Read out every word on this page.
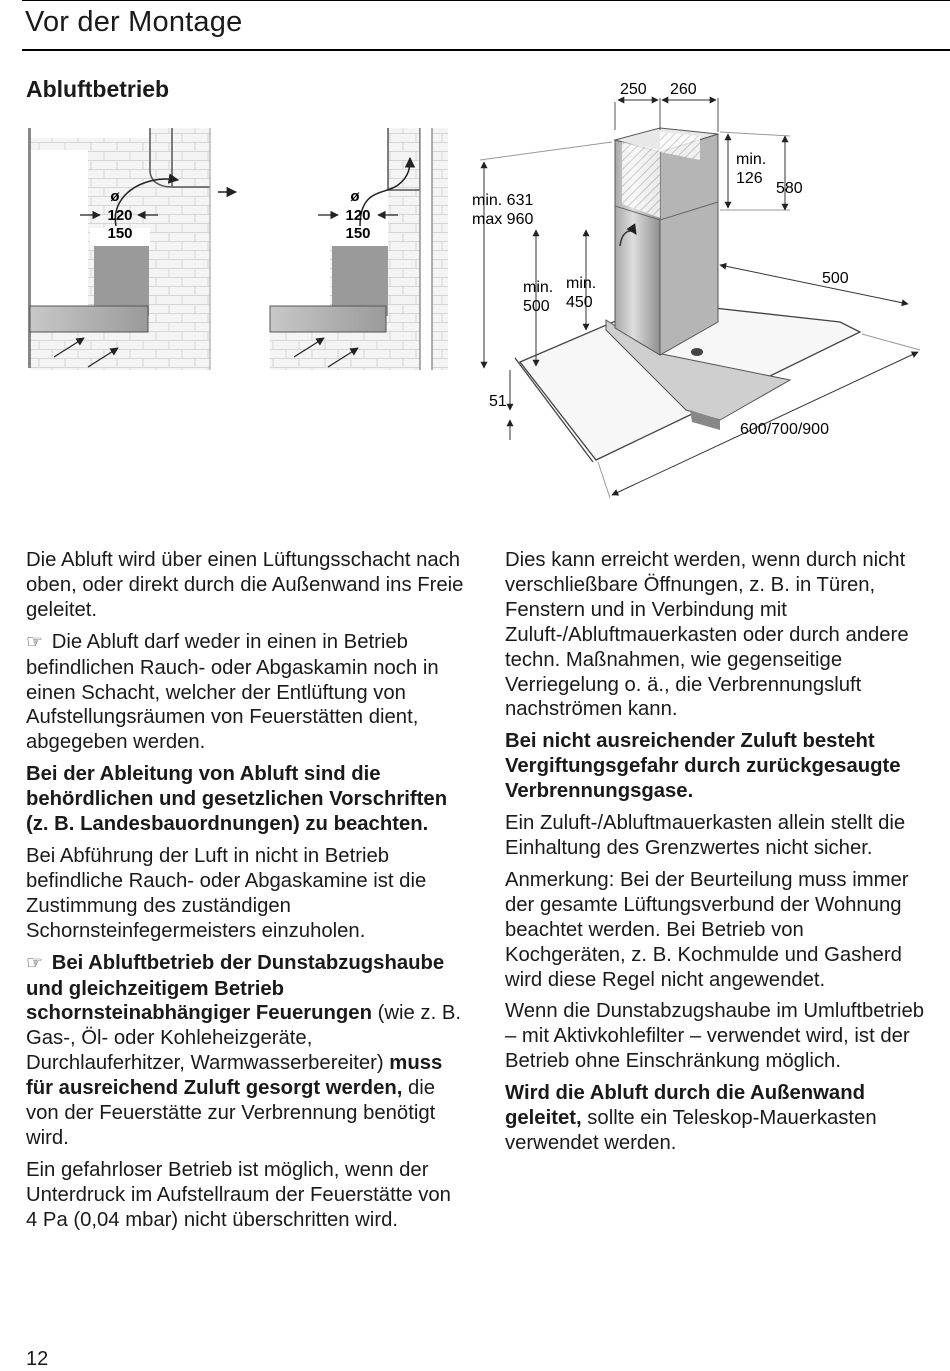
Vor der Montage
Abluftbetrieb
ø
120
150
ø
120
150
250 260
min.
126
580
min. 631
max 960
min.
500
min.
450
500
51
600/700/900

Die Abluft wird über einen Lüftungsschacht nach oben, oder direkt durch die Außenwand ins Freie geleitet.

☞ Die Abluft darf weder in einen in Betrieb befindlichen Rauch- oder Abgaskamin noch in einen Schacht, welcher der Entlüftung von Aufstellungsräumen von Feuerstätten dient, abgegeben werden.

Bei der Ableitung von Abluft sind die behördlichen und gesetzlichen Vorschriften (z. B. Landesbauordnungen) zu beachten.

Bei Abführung der Luft in nicht in Betrieb befindliche Rauch- oder Abgaskamine ist die Zustimmung des zuständigen Schornsteinfegermeisters einzuholen.

☞ Bei Abluftbetrieb der Dunstabzugshaube und gleichzeitigem Betrieb schornsteinabhängiger Feuerungen (wie z. B. Gas-, Öl- oder Kohleheizgeräte, Durchlauferhitzer, Warmwasserbereiter) muss für ausreichend Zuluft gesorgt werden, die von der Feuerstätte zur Verbrennung benötigt wird.

Ein gefahrloser Betrieb ist möglich, wenn der Unterdruck im Aufstellraum der Feuerstätte von 4 Pa (0,04 mbar) nicht überschritten wird.

Dies kann erreicht werden, wenn durch nicht verschließbare Öffnungen, z. B. in Türen, Fenstern und in Verbindung mit Zuluft-/Abluftmauerkasten oder durch andere techn. Maßnahmen, wie gegenseitige Verriegelung o. ä., die Verbrennungsluft nachströmen kann.

Bei nicht ausreichender Zuluft besteht Vergiftungsgefahr durch zurückgesaugte Verbrennungsgase.

Ein Zuluft-/Abluftmauerkasten allein stellt die Einhaltung des Grenzwertes nicht sicher.

Anmerkung: Bei der Beurteilung muss immer der gesamte Lüftungsverbund der Wohnung beachtet werden. Bei Betrieb von Kochgeräten, z. B. Kochmulde und Gasherd wird diese Regel nicht angewendet.

Wenn die Dunstabzugshaube im Umluftbetrieb – mit Aktivkohlefilter – verwendet wird, ist der Betrieb ohne Einschränkung möglich.

Wird die Abluft durch die Außenwand geleitet, sollte ein Teleskop-Mauerkasten verwendet werden.

12
